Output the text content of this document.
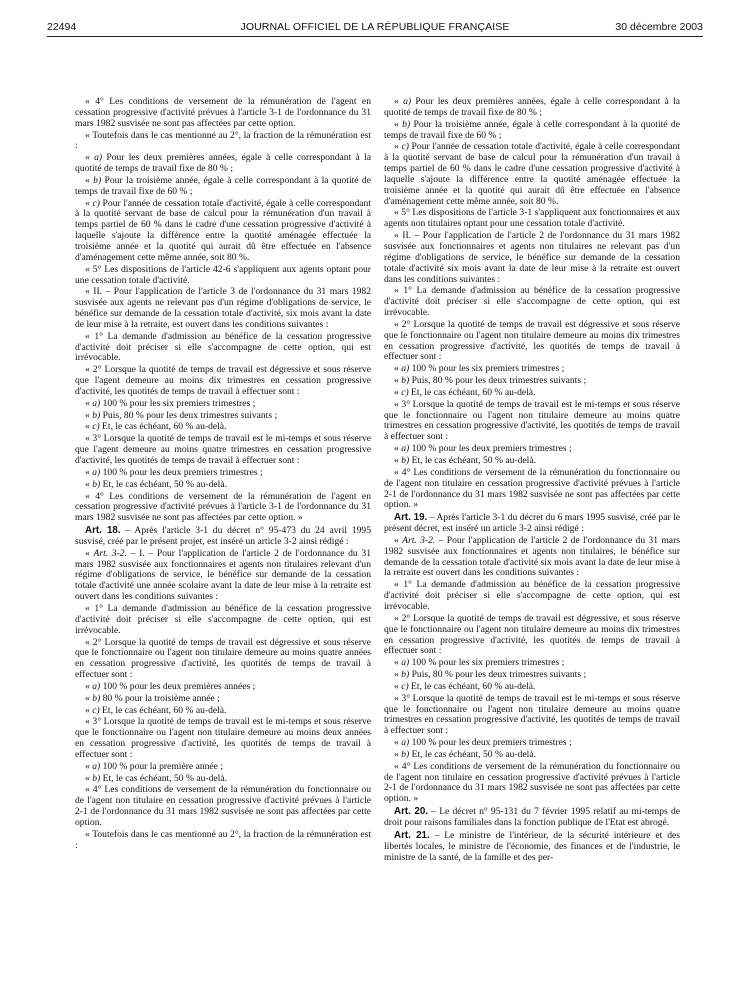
22494	JOURNAL OFFICIEL DE LA RÉPUBLIQUE FRANÇAISE	30 décembre 2003

« 4° Les conditions de versement de la rémunération de l'agent en cessation progressive d'activité prévues à l'article 3-1 de l'ordonnance du 31 mars 1982 susvisée ne sont pas affectées par cette option.

« Toutefois dans le cas mentionné au 2°, la fraction de la rémunération est :

« a) Pour les deux premières années, égale à celle correspondant à la quotité de temps de travail fixe de 80 % ;

« b) Pour la troisième année, égale à celle correspondant à la quotité de temps de travail fixe de 60 % ;

« c) Pour l'année de cessation totale d'activité, égale à celle correspondant à la quotité servant de base de calcul pour la rémunération d'un travail à temps partiel de 60 % dans le cadre d'une cessation progressive d'activité à laquelle s'ajoute la différence entre la quotité aménagée effectuée la troisième année et la quotité qui aurait dû être effectuée en l'absence d'aménagement cette même année, soit 80 %.

« 5° Les dispositions de l'article 42-6 s'appliquent aux agents optant pour une cessation totale d'activité.

« II. – Pour l'application de l'article 3 de l'ordonnance du 31 mars 1982 susvisée aux agents ne relevant pas d'un régime d'obligations de service, le bénéfice sur demande de la cessation totale d'activité, six mois avant la date de leur mise à la retraite, est ouvert dans les conditions suivantes :

« 1° La demande d'admission au bénéfice de la cessation progressive d'activité doit préciser si elle s'accompagne de cette option, qui est irrévocable.

« 2° Lorsque la quotité de temps de travail est dégressive et sous réserve que l'agent demeure au moins dix trimestres en cessation progressive d'activité, les quotités de temps de travail à effectuer sont :

« a) 100 % pour les six premiers trimestres ;

« b) Puis, 80 % pour les deux trimestres suivants ;

« c) Et, le cas échéant, 60 % au-delà.

« 3° Lorsque la quotité de temps de travail est le mi-temps et sous réserve que l'agent demeure au moins quatre trimestres en cessation progressive d'activité, les quotités de temps de travail à effectuer sont :

« a) 100 % pour les deux premiers trimestres ;

« b) Et, le cas échéant, 50 % au-delà.

« 4° Les conditions de versement de la rémunération de l'agent en cessation progressive d'activité prévues à l'article 3-1 de l'ordonnance du 31 mars 1982 susvisée ne sont pas affectées par cette option. »

Art. 18. – Après l'article 3-1 du décret n° 95-473 du 24 avril 1995 susvisé, créé par le présent projet, est inséré un article 3-2 ainsi rédigé :

« Art. 3-2. – I. – Pour l'application de l'article 2 de l'ordonnance du 31 mars 1982 susvisée aux fonctionnaires et agents non titulaires relevant d'un régime d'obligations de service, le bénéfice sur demande de la cessation totale d'activité une année scolaire avant la date de leur mise à la retraite est ouvert dans les conditions suivantes :

« 1° La demande d'admission au bénéfice de la cessation progressive d'activité doit préciser si elle s'accompagne de cette option, qui est irrévocable.

« 2° Lorsque la quotité de temps de travail est dégressive et sous réserve que le fonctionnaire ou l'agent non titulaire demeure au moins quatre années en cessation progressive d'activité, les quotités de temps de travail à effectuer sont :

« a) 100 % pour les deux premières années ;

« b) 80 % pour la troisième année ;

« c) Et, le cas échéant, 60 % au-delà.

« 3° Lorsque la quotité de temps de travail est le mi-temps et sous réserve que le fonctionnaire ou l'agent non titulaire demeure au moins deux années en cessation progressive d'activité, les quotités de temps de travail à effectuer sont :

« a) 100 % pour la première année ;

« b) Et, le cas échéant, 50 % au-delà.

« 4° Les conditions de versement de la rémunération du fonctionnaire ou de l'agent non titulaire en cessation progressive d'activité prévues à l'article 2-1 de l'ordonnance du 31 mars 1982 susvisée ne sont pas affectées par cette option.

« Toutefois dans le cas mentionné au 2°, la fraction de la rémunération est :

« a) Pour les deux premières années, égale à celle correspondant à la quotité de temps de travail fixe de 80 % ;

« b) Pour la troisième année, égale à celle correspondant à la quotité de temps de travail fixe de 60 % ;

« c) Pour l'année de cessation totale d'activité, égale à celle correspondant à la quotité servant de base de calcul pour la rémunération d'un travail à temps partiel de 60 % dans le cadre d'une cessation progressive d'activité à laquelle s'ajoute la différence entre la quotité aménagée effectuée la troisième année et la quotité qui aurait dû être effectuée en l'absence d'aménagement cette même année, soit 80 %.

« 5° Les dispositions de l'article 3-1 s'appliquent aux fonctionnaires et aux agents non titulaires optant pour une cessation totale d'activité.

« II. – Pour l'application de l'article 2 de l'ordonnance du 31 mars 1982 susvisée aux fonctionnaires et agents non titulaires ne relevant pas d'un régime d'obligations de service, le bénéfice sur demande de la cessation totale d'activité six mois avant la date de leur mise à la retraite est ouvert dans les conditions suivantes :

« 1° La demande d'admission au bénéfice de la cessation progressive d'activité doit préciser si elle s'accompagne de cette option, qui est irrévocable.

« 2° Lorsque la quotité de temps de travail est dégressive et sous réserve que le fonctionnaire ou l'agent non titulaire demeure au moins dix trimestres en cessation progressive d'activité, les quotités de temps de travail à effectuer sont :

« a) 100 % pour les six premiers trimestres ;

« b) Puis, 80 % pour les deux trimestres suivants ;

« c) Et, le cas échéant, 60 % au-delà.

« 3° Lorsque la quotité de temps de travail est le mi-temps et sous réserve que le fonctionnaire ou l'agent non titulaire demeure au moins quatre trimestres en cessation progressive d'activité, les quotités de temps de travail à effectuer sont :

« a) 100 % pour les deux premiers trimestres ;

« b) Et, le cas échéant, 50 % au-delà.

« 4° Les conditions de versement de la rémunération du fonctionnaire ou de l'agent non titulaire en cessation progressive d'activité prévues à l'article 2-1 de l'ordonnance du 31 mars 1982 susvisée ne sont pas affectées par cette option. »

Art. 19. – Après l'article 3-1 du décret du 6 mars 1995 susvisé, créé par le présent décret, est inséré un article 3-2 ainsi rédigé :

« Art. 3-2. – Pour l'application de l'article 2 de l'ordonnance du 31 mars 1982 susvisée aux fonctionnaires et agents non titulaires, le bénéfice sur demande de la cessation totale d'activité six mois avant la date de leur mise à la retraite est ouvert dans les conditions suivantes :

« 1° La demande d'admission au bénéfice de la cessation progressive d'activité doit préciser si elle s'accompagne de cette option, qui est irrévocable.

« 2° Lorsque la quotité de temps de travail est dégressive, et sous réserve que le fonctionnaire ou l'agent non titulaire demeure au moins dix trimestres en cessation progressive d'activité, les quotités de temps de travail à effectuer sont :

« a) 100 % pour les six premiers trimestres ;

« b) Puis, 80 % pour les deux trimestres suivants ;

« c) Et, le cas échéant, 60 % au-delà.

« 3° Lorsque la quotité de temps de travail est le mi-temps et sous réserve que le fonctionnaire ou l'agent non titulaire demeure au moins quatre trimestres en cessation progressive d'activité, les quotités de temps de travail à effectuer sont :

« a) 100 % pour les deux premiers trimestres ;

« b) Et, le cas échéant, 50 % au-delà.

« 4° Les conditions de versement de la rémunération du fonctionnaire ou de l'agent non titulaire en cessation progressive d'activité prévues à l'article 2-1 de l'ordonnance du 31 mars 1982 susvisée ne sont pas affectées par cette option. »

Art. 20. – Le décret n° 95-131 du 7 février 1995 relatif au mi-temps de droit pour raisons familiales dans la fonction publique de l'Etat est abrogé.

Art. 21. – Le ministre de l'intérieur, de la sécurité intérieure et des libertés locales, le ministre de l'économie, des finances et de l'industrie, le ministre de la santé, de la famille et des per-
